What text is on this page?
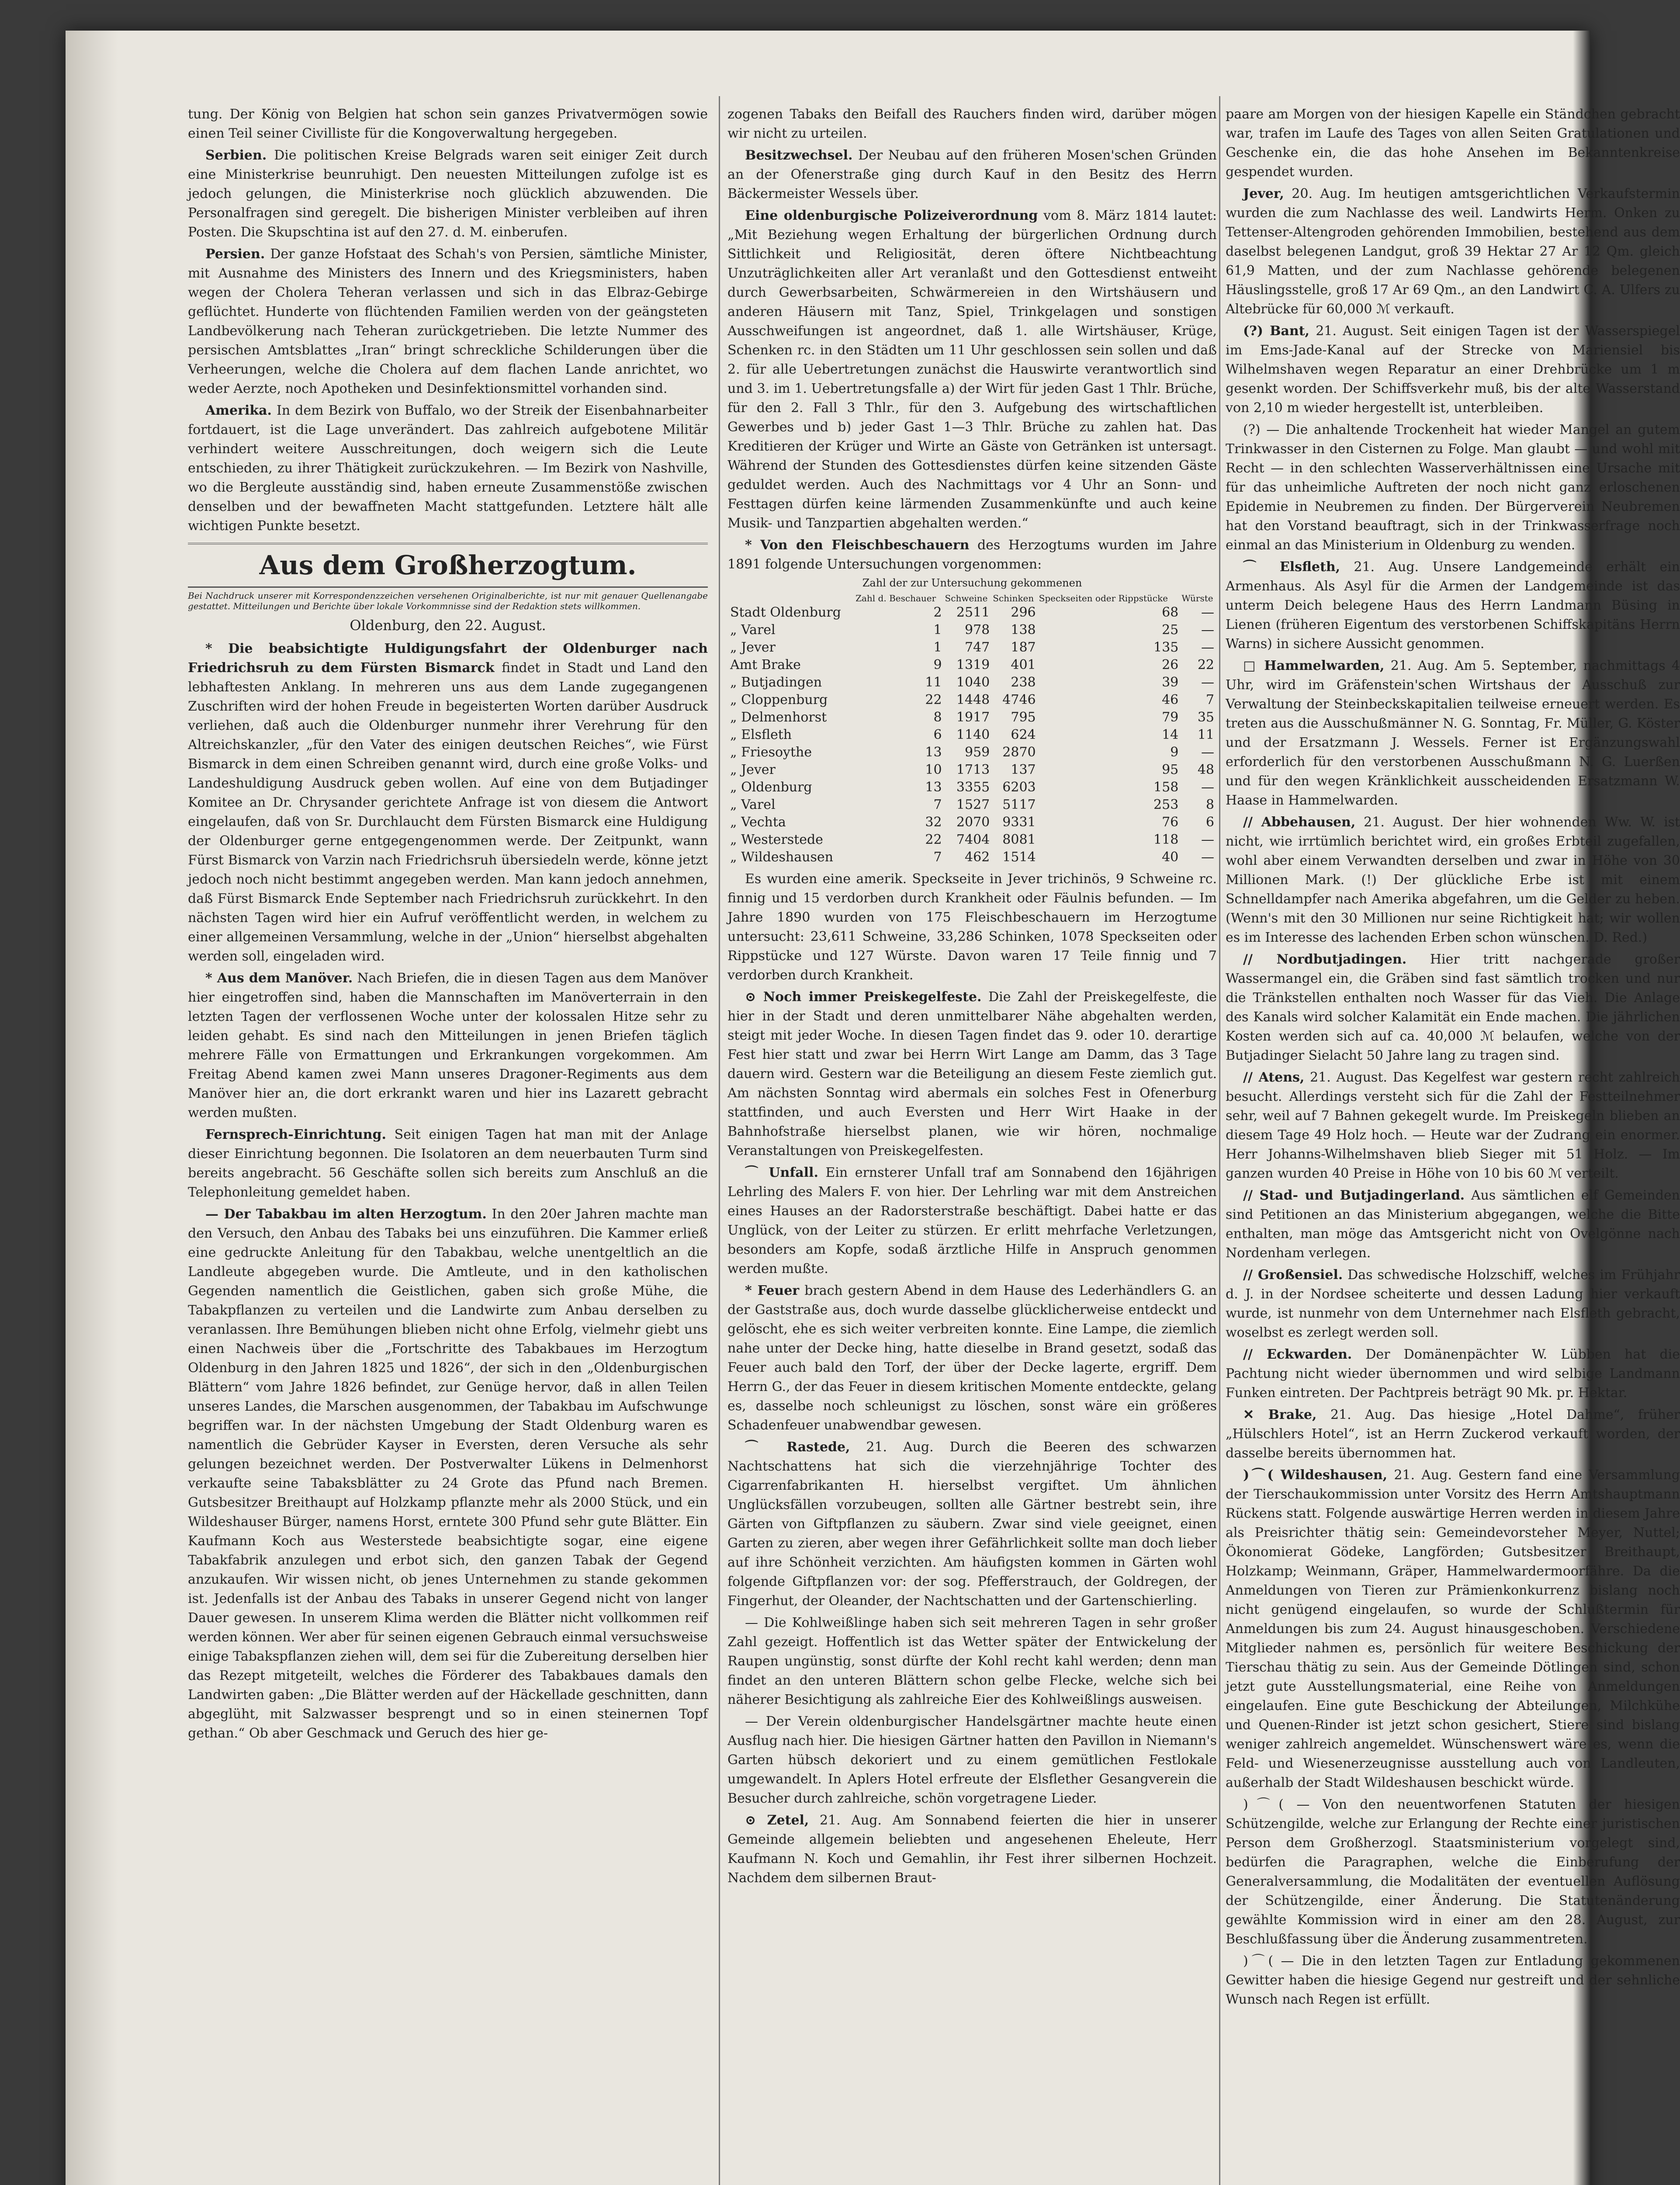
tung. Der König von Belgien hat schon sein ganzes Privatvermögen sowie einen Teil seiner Civilliste für die Kongoverwaltung hergegeben.

Serbien. Die politischen Kreise Belgrads waren seit einiger Zeit durch eine Ministerkrise beunruhigt. Den neuesten Mitteilungen zufolge ist es jedoch gelungen, die Ministerkrise noch glücklich abzuwenden. Die Personalfragen sind geregelt. Die bisherigen Minister verbleiben auf ihren Posten. Die Skupschtina ist auf den 27. d. M. einberufen.

Persien. Der ganze Hofstaat des Schah's von Persien, sämtliche Minister, mit Ausnahme des Ministers des Innern und des Kriegsministers, haben wegen der Cholera Teheran verlassen und sich in das Elbraz-Gebirge geflüchtet. Hunderte von flüchtenden Familien werden von der geängsteten Landbevölkerung nach Teheran zurückgetrieben. Die letzte Nummer des persischen Amtsblattes „Iran“ bringt schreckliche Schilderungen über die Verheerungen, welche die Cholera auf dem flachen Lande anrichtet, wo weder Aerzte, noch Apotheken und Desinfektionsmittel vorhanden sind.

Amerika. In dem Bezirk von Buffalo, wo der Streik der Eisenbahnarbeiter fortdauert, ist die Lage unverändert. Das zahlreich aufgebotene Militär verhindert weitere Ausschreitungen, doch weigern sich die Leute entschieden, zu ihrer Thätigkeit zurückzukehren. — Im Bezirk von Nashville, wo die Bergleute ausständig sind, haben erneute Zusammenstöße zwischen denselben und der bewaffneten Macht stattgefunden. Letztere hält alle wichtigen Punkte besetzt.

Aus dem Großherzogtum.

Bei Nachdruck unserer mit Korrespondenzzeichen versehenen Originalberichte, ist nur mit genauer Quellenangabe gestattet. Mitteilungen und Berichte über lokale Vorkommnisse sind der Redaktion stets willkommen.

Oldenburg, den 22. August.

* Die beabsichtigte Huldigungsfahrt der Oldenburger nach Friedrichsruh zu dem Fürsten Bismarck findet in Stadt und Land den lebhaftesten Anklang. In mehreren uns aus dem Lande zugegangenen Zuschriften wird der hohen Freude in begeisterten Worten darüber Ausdruck verliehen, daß auch die Oldenburger nunmehr ihrer Verehrung für den Altreichskanzler, „für den Vater des einigen deutschen Reiches“, wie Fürst Bismarck in dem einen Schreiben genannt wird, durch eine große Volks- und Landeshuldigung Ausdruck geben wollen. Auf eine von dem Butjadinger Komitee an Dr. Chrysander gerichtete Anfrage ist von diesem die Antwort eingelaufen, daß von Sr. Durchlaucht dem Fürsten Bismarck eine Huldigung der Oldenburger gerne entgegengenommen werde. Der Zeitpunkt, wann Fürst Bismarck von Varzin nach Friedrichsruh übersiedeln werde, könne jetzt jedoch noch nicht bestimmt angegeben werden. Man kann jedoch annehmen, daß Fürst Bismarck Ende September nach Friedrichsruh zurückkehrt. In den nächsten Tagen wird hier ein Aufruf veröffentlicht werden, in welchem zu einer allgemeinen Versammlung, welche in der „Union“ hierselbst abgehalten werden soll, eingeladen wird.

* Aus dem Manöver. Nach Briefen, die in diesen Tagen aus dem Manöver hier eingetroffen sind, haben die Mannschaften im Manöverterrain in den letzten Tagen der verflossenen Woche unter der kolossalen Hitze sehr zu leiden gehabt. Es sind nach den Mitteilungen in jenen Briefen täglich mehrere Fälle von Ermattungen und Erkrankungen vorgekommen. Am Freitag Abend kamen zwei Mann unseres Dragoner-Regiments aus dem Manöver hier an, die dort erkrankt waren und hier ins Lazarett gebracht werden mußten.

Fernsprech-Einrichtung. Seit einigen Tagen hat man mit der Anlage dieser Einrichtung begonnen. Die Isolatoren an dem neuerbauten Turm sind bereits angebracht. 56 Geschäfte sollen sich bereits zum Anschluß an die Telephonleitung gemeldet haben.

— Der Tabakbau im alten Herzogtum. In den 20er Jahren machte man den Versuch, den Anbau des Tabaks bei uns einzuführen. Die Kammer erließ eine gedruckte Anleitung für den Tabakbau, welche unentgeltlich an die Landleute abgegeben wurde. Die Amtleute, und in den katholischen Gegenden namentlich die Geistlichen, gaben sich große Mühe, die Tabakpflanzen zu verteilen und die Landwirte zum Anbau derselben zu veranlassen. Ihre Bemühungen blieben nicht ohne Erfolg, vielmehr giebt uns einen Nachweis über die „Fortschritte des Tabakbaues im Herzogtum Oldenburg in den Jahren 1825 und 1826“, der sich in den „Oldenburgischen Blättern“ vom Jahre 1826 befindet, zur Genüge hervor, daß in allen Teilen unseres Landes, die Marschen ausgenommen, der Tabakbau im Aufschwunge begriffen war. In der nächsten Umgebung der Stadt Oldenburg waren es namentlich die Gebrüder Kayser in Eversten, deren Versuche als sehr gelungen bezeichnet werden. Der Postverwalter Lükens in Delmenhorst verkaufte seine Tabaksblätter zu 24 Grote das Pfund nach Bremen. Gutsbesitzer Breithaupt auf Holzkamp pflanzte mehr als 2000 Stück, und ein Wildeshauser Bürger, namens Horst, erntete 300 Pfund sehr gute Blätter. Ein Kaufmann Koch aus Westerstede beabsichtigte sogar, eine eigene Tabakfabrik anzulegen und erbot sich, den ganzen Tabak der Gegend anzukaufen. Wir wissen nicht, ob jenes Unternehmen zu stande gekommen ist. Jedenfalls ist der Anbau des Tabaks in unserer Gegend nicht von langer Dauer gewesen. In unserem Klima werden die Blätter nicht vollkommen reif werden können. Wer aber für seinen eigenen Gebrauch einmal versuchsweise einige Tabakspflanzen ziehen will, dem sei für die Zubereitung derselben hier das Rezept mitgeteilt, welches die Förderer des Tabakbaues damals den Landwirten gaben: „Die Blätter werden auf der Häckellade geschnitten, dann abgeglüht, mit Salzwasser besprengt und so in einen steinernen Topf gethan.“ Ob aber Geschmack und Geruch des hier ge-

zogenen Tabaks den Beifall des Rauchers finden wird, darüber mögen wir nicht zu urteilen.

Besitzwechsel. Der Neubau auf den früheren Mosen'schen Gründen an der Ofenerstraße ging durch Kauf in den Besitz des Herrn Bäckermeister Wessels über.

Eine oldenburgische Polizeiverordnung vom 8. März 1814 lautet: „Mit Beziehung wegen Erhaltung der bürgerlichen Ordnung durch Sittlichkeit und Religiosität, deren öftere Nichtbeachtung Unzuträglichkeiten aller Art veranlaßt und den Gottesdienst entweiht durch Gewerbsarbeiten, Schwärmereien in den Wirtshäusern und anderen Häusern mit Tanz, Spiel, Trinkgelagen und sonstigen Ausschweifungen ist angeordnet, daß 1. alle Wirtshäuser, Krüge, Schenken rc. in den Städten um 11 Uhr geschlossen sein sollen und daß 2. für alle Uebertretungen zunächst die Hauswirte verantwortlich sind und 3. im 1. Uebertretungsfalle a) der Wirt für jeden Gast 1 Thlr. Brüche, für den 2. Fall 3 Thlr., für den 3. Aufgebung des wirtschaftlichen Gewerbes und b) jeder Gast 1—3 Thlr. Brüche zu zahlen hat. Das Kreditieren der Krüger und Wirte an Gäste von Getränken ist untersagt. Während der Stunden des Gottesdienstes dürfen keine sitzenden Gäste geduldet werden. Auch des Nachmittags vor 4 Uhr an Sonn- und Festtagen dürfen keine lärmenden Zusammenkünfte und auch keine Musik- und Tanzpartien abgehalten werden.“

* Von den Fleischbeschauern des Herzogtums wurden im Jahre 1891 folgende Untersuchungen vorgenommen:

Zahl der zur Untersuchung gekommenen
	Zahl d. Beschauer	Schweine	Schinken	Speckseiten oder Rippstücke	Würste
Stadt Oldenburg	2	2511	296	68	—
„ Varel	1	978	138	25	—
„ Jever	1	747	187	135	—
Amt Brake	9	1319	401	26	22
„ Butjadingen	11	1040	238	39	—
„ Cloppenburg	22	1448	4746	46	7
„ Delmenhorst	8	1917	795	79	35
„ Elsfleth	6	1140	624	14	11
„ Friesoythe	13	959	2870	9	—
„ Jever	10	1713	137	95	48
„ Oldenburg	13	3355	6203	158	—
„ Varel	7	1527	5117	253	8
„ Vechta	32	2070	9331	76	6
„ Westerstede	22	7404	8081	118	—
„ Wildeshausen	7	462	1514	40	—

Es wurden eine amerik. Speckseite in Jever trichinös, 9 Schweine rc. finnig und 15 verdorben durch Krankheit oder Fäulnis befunden. — Im Jahre 1890 wurden von 175 Fleischbeschauern im Herzogtume untersucht: 23,611 Schweine, 33,286 Schinken, 1078 Speckseiten oder Rippstücke und 127 Würste. Davon waren 17 Teile finnig und 7 verdorben durch Krankheit.

⊙ Noch immer Preiskegelfeste. Die Zahl der Preiskegelfeste, die hier in der Stadt und deren unmittelbarer Nähe abgehalten werden, steigt mit jeder Woche. In diesen Tagen findet das 9. oder 10. derartige Fest hier statt und zwar bei Herrn Wirt Lange am Damm, das 3 Tage dauern wird. Gestern war die Beteiligung an diesem Feste ziemlich gut. Am nächsten Sonntag wird abermals ein solches Fest in Ofenerburg stattfinden, und auch Eversten und Herr Wirt Haake in der Bahnhofstraße hierselbst planen, wie wir hören, nochmalige Veranstaltungen von Preiskegelfesten.

⌒ Unfall. Ein ernsterer Unfall traf am Sonnabend den 16jährigen Lehrling des Malers F. von hier. Der Lehrling war mit dem Anstreichen eines Hauses an der Radorsterstraße beschäftigt. Dabei hatte er das Unglück, von der Leiter zu stürzen. Er erlitt mehrfache Verletzungen, besonders am Kopfe, sodaß ärztliche Hilfe in Anspruch genommen werden mußte.

* Feuer brach gestern Abend in dem Hause des Lederhändlers G. an der Gaststraße aus, doch wurde dasselbe glücklicherweise entdeckt und gelöscht, ehe es sich weiter verbreiten konnte. Eine Lampe, die ziemlich nahe unter der Decke hing, hatte dieselbe in Brand gesetzt, sodaß das Feuer auch bald den Torf, der über der Decke lagerte, ergriff. Dem Herrn G., der das Feuer in diesem kritischen Momente entdeckte, gelang es, dasselbe noch schleunigst zu löschen, sonst wäre ein größeres Schadenfeuer unabwendbar gewesen.

⌒ Rastede, 21. Aug. Durch die Beeren des schwarzen Nachtschattens hat sich die vierzehnjährige Tochter des Cigarrenfabrikanten H. hierselbst vergiftet. Um ähnlichen Unglücksfällen vorzubeugen, sollten alle Gärtner bestrebt sein, ihre Gärten von Giftpflanzen zu säubern. Zwar sind viele geeignet, einen Garten zu zieren, aber wegen ihrer Gefährlichkeit sollte man doch lieber auf ihre Schönheit verzichten. Am häufigsten kommen in Gärten wohl folgende Giftpflanzen vor: der sog. Pfefferstrauch, der Goldregen, der Fingerhut, der Oleander, der Nachtschatten und der Gartenschierling.

— Die Kohlweißlinge haben sich seit mehreren Tagen in sehr großer Zahl gezeigt. Hoffentlich ist das Wetter später der Entwickelung der Raupen ungünstig, sonst dürfte der Kohl recht kahl werden; denn man findet an den unteren Blättern schon gelbe Flecke, welche sich bei näherer Besichtigung als zahlreiche Eier des Kohlweißlings ausweisen.

— Der Verein oldenburgischer Handelsgärtner machte heute einen Ausflug nach hier. Die hiesigen Gärtner hatten den Pavillon in Niemann's Garten hübsch dekoriert und zu einem gemütlichen Festlokale umgewandelt. In Aplers Hotel erfreute der Elsflether Gesangverein die Besucher durch zahlreiche, schön vorgetragene Lieder.

⊙ Zetel, 21. Aug. Am Sonnabend feierten die hier in unserer Gemeinde allgemein beliebten und angesehenen Eheleute, Herr Kaufmann N. Koch und Gemahlin, ihr Fest ihrer silbernen Hochzeit. Nachdem dem silbernen Braut-

paare am Morgen von der hiesigen Kapelle ein Ständchen gebracht war, trafen im Laufe des Tages von allen Seiten Gratulationen und Geschenke ein, die das hohe Ansehen im Bekanntenkreise gespendet wurden.

Jever, 20. Aug. Im heutigen amtsgerichtlichen Verkaufstermin wurden die zum Nachlasse des weil. Landwirts Herm. Onken zu Tettenser-Altengroden gehörenden Immobilien, bestehend aus dem daselbst belegenen Landgut, groß 39 Hektar 27 Ar 12 Qm. gleich 61,9 Matten, und der zum Nachlasse gehörende belegenen Häuslingsstelle, groß 17 Ar 69 Qm., an den Landwirt C. A. Ulfers zu Altebrücke für 60,000 ℳ verkauft.

(?) Bant, 21. August. Seit einigen Tagen ist der Wasserspiegel im Ems-Jade-Kanal auf der Strecke von Mariensiel bis Wilhelmshaven wegen Reparatur an einer Drehbrücke um 1 m gesenkt worden. Der Schiffsverkehr muß, bis der alte Wasserstand von 2,10 m wieder hergestellt ist, unterbleiben.

(?) — Die anhaltende Trockenheit hat wieder Mangel an gutem Trinkwasser in den Cisternen zu Folge. Man glaubt — und wohl mit Recht — in den schlechten Wasserverhältnissen eine Ursache mit für das unheimliche Auftreten der noch nicht ganz erloschenen Epidemie in Neubremen zu finden. Der Bürgerverein Neubremen hat den Vorstand beauftragt, sich in der Trinkwasserfrage noch einmal an das Ministerium in Oldenburg zu wenden.

⌒ Elsfleth, 21. Aug. Unsere Landgemeinde erhält ein Armenhaus. Als Asyl für die Armen der Landgemeinde ist das unterm Deich belegene Haus des Herrn Landmann Büsing in Lienen (früheren Eigentum des verstorbenen Schiffskapitäns Herrn Warns) in sichere Aussicht genommen.

□ Hammelwarden, 21. Aug. Am 5. September, nachmittags 4 Uhr, wird im Gräfenstein'schen Wirtshaus der Ausschuß zur Verwaltung der Steinbeckskapitalien teilweise erneuert werden. Es treten aus die Ausschußmänner N. G. Sonntag, Fr. Müller, G. Köster und der Ersatzmann J. Wessels. Ferner ist Ergänzungswahl erforderlich für den verstorbenen Ausschußmann N. G. Luerßen und für den wegen Kränklichkeit ausscheidenden Ersatzmann W. Haase in Hammelwarden.

// Abbehausen, 21. August. Der hier wohnenden Ww. W. ist nicht, wie irrtümlich berichtet wird, ein großes Erbteil zugefallen, wohl aber einem Verwandten derselben und zwar in Höhe von 30 Millionen Mark. (!) Der glückliche Erbe ist mit einem Schnelldampfer nach Amerika abgefahren, um die Gelder zu heben. (Wenn's mit den 30 Millionen nur seine Richtigkeit hat; wir wollen es im Interesse des lachenden Erben schon wünschen. D. Red.)

// Nordbutjadingen. Hier tritt nachgerade großer Wassermangel ein, die Gräben sind fast sämtlich trocken und nur die Tränkstellen enthalten noch Wasser für das Vieh. Die Anlage des Kanals wird solcher Kalamität ein Ende machen. Die jährlichen Kosten werden sich auf ca. 40,000 ℳ belaufen, welche von der Butjadinger Sielacht 50 Jahre lang zu tragen sind.

// Atens, 21. August. Das Kegelfest war gestern recht zahlreich besucht. Allerdings versteht sich für die Zahl der Festteilnehmer sehr, weil auf 7 Bahnen gekegelt wurde. Im Preiskegeln blieben an diesem Tage 49 Holz hoch. — Heute war der Zudrang ein enormer. Herr Johanns-Wilhelmshaven blieb Sieger mit 51 Holz. — Im ganzen wurden 40 Preise in Höhe von 10 bis 60 ℳ verteilt.

// Stad- und Butjadingerland. Aus sämtlichen elf Gemeinden sind Petitionen an das Ministerium abgegangen, welche die Bitte enthalten, man möge das Amtsgericht nicht von Ovelgönne nach Nordenham verlegen.

// Großensiel. Das schwedische Holzschiff, welches im Frühjahr d. J. in der Nordsee scheiterte und dessen Ladung hier verkauft wurde, ist nunmehr von dem Unternehmer nach Elsfleth gebracht, woselbst es zerlegt werden soll.

// Eckwarden. Der Domänenpächter W. Lübben hat die Pachtung nicht wieder übernommen und wird selbige Landmann Funken eintreten. Der Pachtpreis beträgt 90 Mk. pr. Hektar.

✕ Brake, 21. Aug. Das hiesige „Hotel Dahme“, früher „Hülschlers Hotel“, ist an Herrn Zuckerod verkauft worden, der dasselbe bereits übernommen hat.

)⌒( Wildeshausen, 21. Aug. Gestern fand eine Versammlung der Tierschaukommission unter Vorsitz des Herrn Amtshauptmann Rückens statt. Folgende auswärtige Herren werden in diesem Jahre als Preisrichter thätig sein: Gemeindevorsteher Meyer, Nuttel; Ökonomierat Gödeke, Langförden; Gutsbesitzer Breithaupt, Holzkamp; Weinmann, Gräper, Hammelwardermoorfähre. Da die Anmeldungen von Tieren zur Prämienkonkurrenz bislang noch nicht genügend eingelaufen, so wurde der Schlußtermin für Anmeldungen bis zum 24. August hinausgeschoben. Verschiedene Mitglieder nahmen es, persönlich für weitere Beschickung der Tierschau thätig zu sein. Aus der Gemeinde Dötlingen sind, schon jetzt gute Ausstellungsmaterial, eine Reihe von Anmeldungen eingelaufen. Eine gute Beschickung der Abteilungen, Milchkühe und Quenen-Rinder ist jetzt schon gesichert, Stiere sind bislang weniger zahlreich angemeldet. Wünschenswert wäre es, wenn die Feld- und Wiesenerzeugnisse ausstellung auch von Landleuten, außerhalb der Stadt Wildeshausen beschickt würde.

)⌒( — Von den neuentworfenen Statuten der hiesigen Schützengilde, welche zur Erlangung der Rechte einer juristischen Person dem Großherzogl. Staatsministerium vorgelegt sind, bedürfen die Paragraphen, welche die Einberufung der Generalversammlung, die Modalitäten der eventuellen Auflösung der Schützengilde, einer Änderung. Die Statutenänderung gewählte Kommission wird in einer am den 28. August, zur Beschlußfassung über die Änderung zusammentreten.

)⌒( — Die in den letzten Tagen zur Entladung gekommenen Gewitter haben die hiesige Gegend nur gestreift und der sehnliche Wunsch nach Regen ist erfüllt.
